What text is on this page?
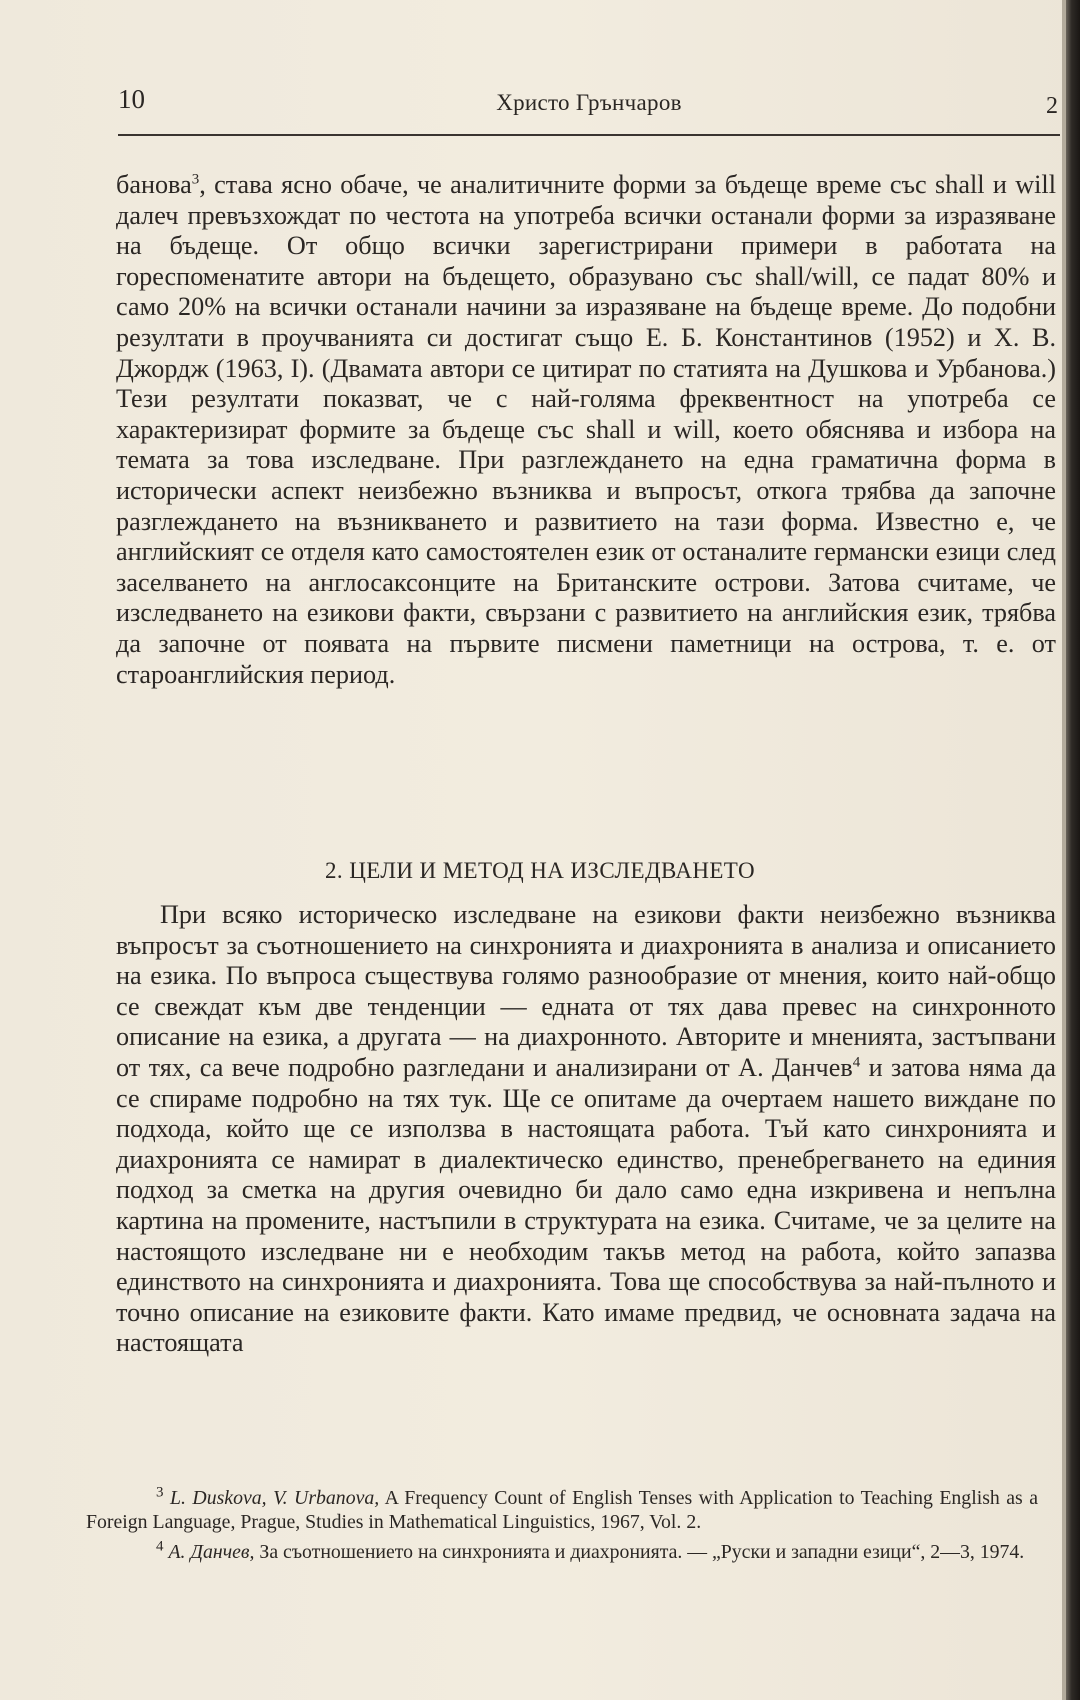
10	Христо Грънчаров	2

банова$^3$, става ясно обаче, че аналитичните форми за бъдеще време със shall и will далеч превъзхождат по честота на употреба всички останали форми за изразяване на бъдеще. От общо всички зарегистрирани примери в работата на гореспоменатите автори на бъдещето, образувано със shall/will, се падат 80% и само 20% на всички останали начини за изразяване на бъдеще време. До подобни резултати в проучванията си достигат също Е. Б. Константинов (1952) и Х. В. Джордж (1963, I). (Двамата автори се цитират по статията на Душкова и Урбанова.) Тези резултати показват, че с най-голяма фреквентност на употреба се характеризират формите за бъдеще със shall и will, което обяснява и избора на темата за това изследване. При разглеждането на една граматична форма в исторически аспект неизбежно възниква и въпросът, откога трябва да започне разглеждането на възникването и развитието на тази форма. Известно е, че английският се отделя като самостоятелен език от останалите германски езици след заселването на англосаксонците на Британските острови. Затова считаме, че изследването на езикови факти, свързани с развитието на английския език, трябва да започне от появата на първите писмени паметници на острова, т. е. от староанглийския период.

2. ЦЕЛИ И МЕТОД НА ИЗСЛЕДВАНЕТО

При всяко историческо изследване на езикови факти неизбежно възниква въпросът за съотношението на синхронията и диахронията в анализа и описанието на езика. По въпроса съществува голямо разнообразие от мнения, които най-общо се свеждат към две тенденции — едната от тях дава превес на синхронното описание на езика, а другата — на диахронното. Авторите и мненията, застъпвани от тях, са вече подробно разгледани и анализирани от А. Данчев$^4$ и затова няма да се спираме подробно на тях тук. Ще се опитаме да очертаем нашето виждане по подхода, който ще се използва в настоящата работа. Тъй като синхронията и диахронията се намират в диалектическо единство, пренебрегването на единия подход за сметка на другия очевидно би дало само една изкривена и непълна картина на промените, настъпили в структурата на езика. Считаме, че за целите на настоящото изследване ни е необходим такъв метод на работа, който запазва единството на синхронията и диахронията. Това ще способствува за най-пълното и точно описание на езиковите факти. Като имаме предвид, че основната задача на настоящата

$^3$ L. Duskova, V. Urbanova, A Frequency Count of English Tenses with Application to Teaching English as a Foreign Language, Prague, Studies in Mathematical Linguistics, 1967, Vol. 2.

$^4$ А. Данчев, За съотношението на синхронията и диахронията. — „Руски и западни езици“, 2—3, 1974.
